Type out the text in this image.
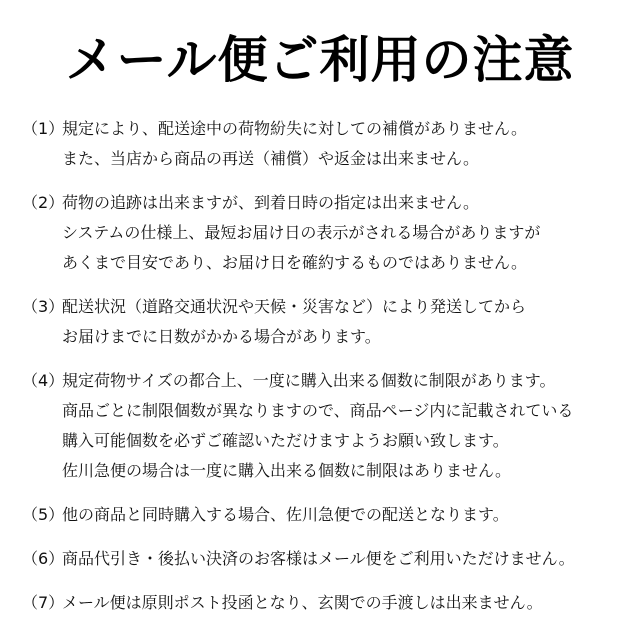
メール便ご利用の注意
（1）
規定により、配送途中の荷物紛失に対しての補償がありません。
また、当店から商品の再送（補償）や返金は出来ません。
（2）
荷物の追跡は出来ますが、到着日時の指定は出来ません。
システムの仕様上、最短お届け日の表示がされる場合がありますが
あくまで目安であり、お届け日を確約するものではありません。
（3）
配送状況（道路交通状況や天候・災害など）により発送してから
お届けまでに日数がかかる場合があります。
（4）
規定荷物サイズの都合上、一度に購入出来る個数に制限があります。
商品ごとに制限個数が異なりますので、商品ページ内に記載されている
購入可能個数を必ずご確認いただけますようお願い致します。
佐川急便の場合は一度に購入出来る個数に制限はありません。
（5）
他の商品と同時購入する場合、佐川急便での配送となります。
（6）
商品代引き・後払い決済のお客様はメール便をご利用いただけません。
（7）
メール便は原則ポスト投函となり、玄関での手渡しは出来ません。
